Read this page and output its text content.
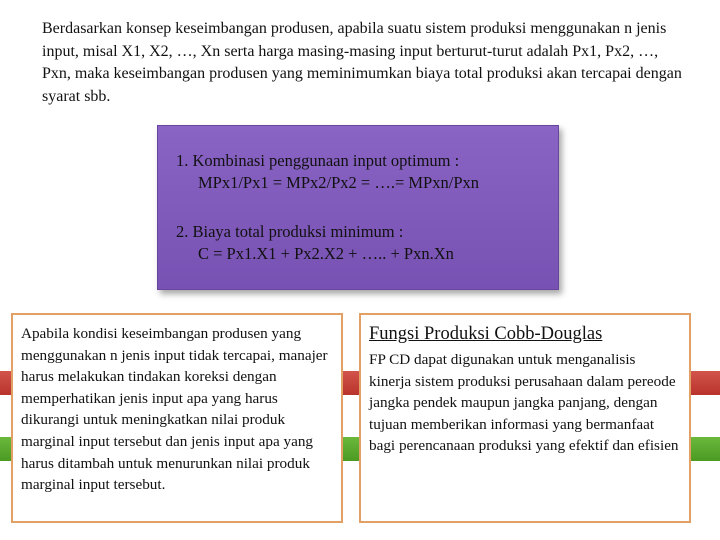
Berdasarkan konsep keseimbangan produsen, apabila suatu sistem produksi menggunakan n jenis input, misal X1, X2, …, Xn serta harga masing-masing input berturut-turut adalah Px1, Px2, …, Pxn, maka keseimbangan produsen yang meminimumkan biaya total produksi akan tercapai dengan syarat sbb.

1. Kombinasi penggunaan input optimum :
MPx1/Px1 = MPx2/Px2 = ….= MPxn/Pxn
2. Biaya total produksi minimum :
C = Px1.X1 + Px2.X2 + ….. + Pxn.Xn

Apabila kondisi keseimbangan produsen yang menggunakan n jenis input tidak tercapai, manajer harus melakukan tindakan koreksi dengan memperhatikan jenis input apa yang harus dikurangi untuk meningkatkan nilai produk marginal input tersebut dan jenis input apa yang harus ditambah untuk menurunkan nilai produk marginal input tersebut.

Fungsi Produksi Cobb-Douglas

FP CD dapat digunakan untuk menganalisis kinerja sistem produksi perusahaan dalam pereode jangka pendek maupun jangka panjang, dengan tujuan memberikan informasi yang bermanfaat bagi perencanaan produksi yang efektif dan efisien
